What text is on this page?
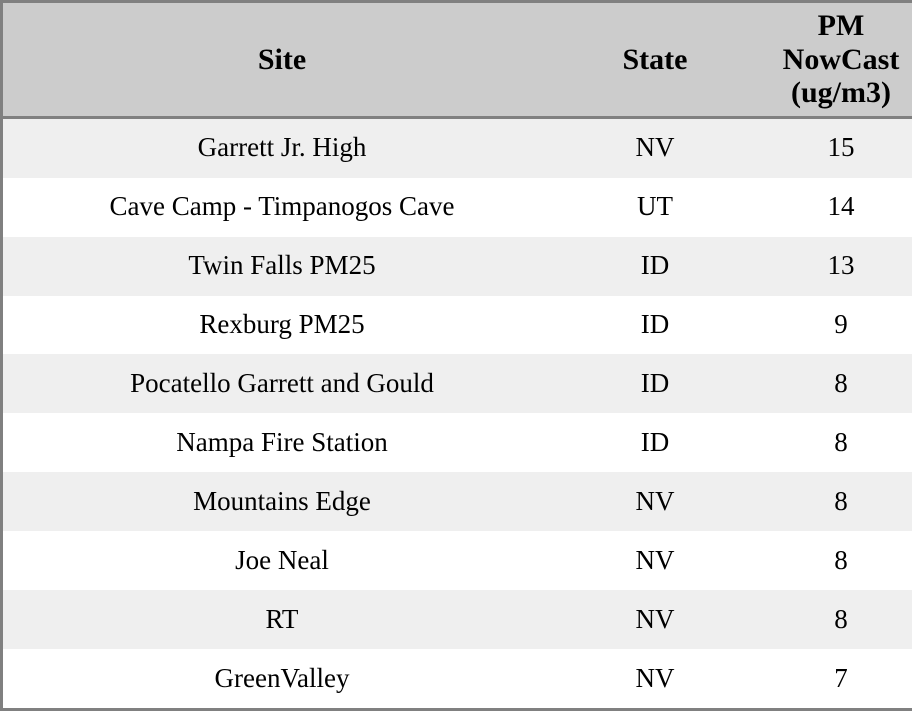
Site	State	PM
NowCast
(ug/m3)
Garrett Jr. High	NV	15
Cave Camp - Timpanogos Cave	UT	14
Twin Falls PM25	ID	13
Rexburg PM25	ID	9
Pocatello Garrett and Gould	ID	8
Nampa Fire Station	ID	8
Mountains Edge	NV	8
Joe Neal	NV	8
RT	NV	8
GreenValley	NV	7
